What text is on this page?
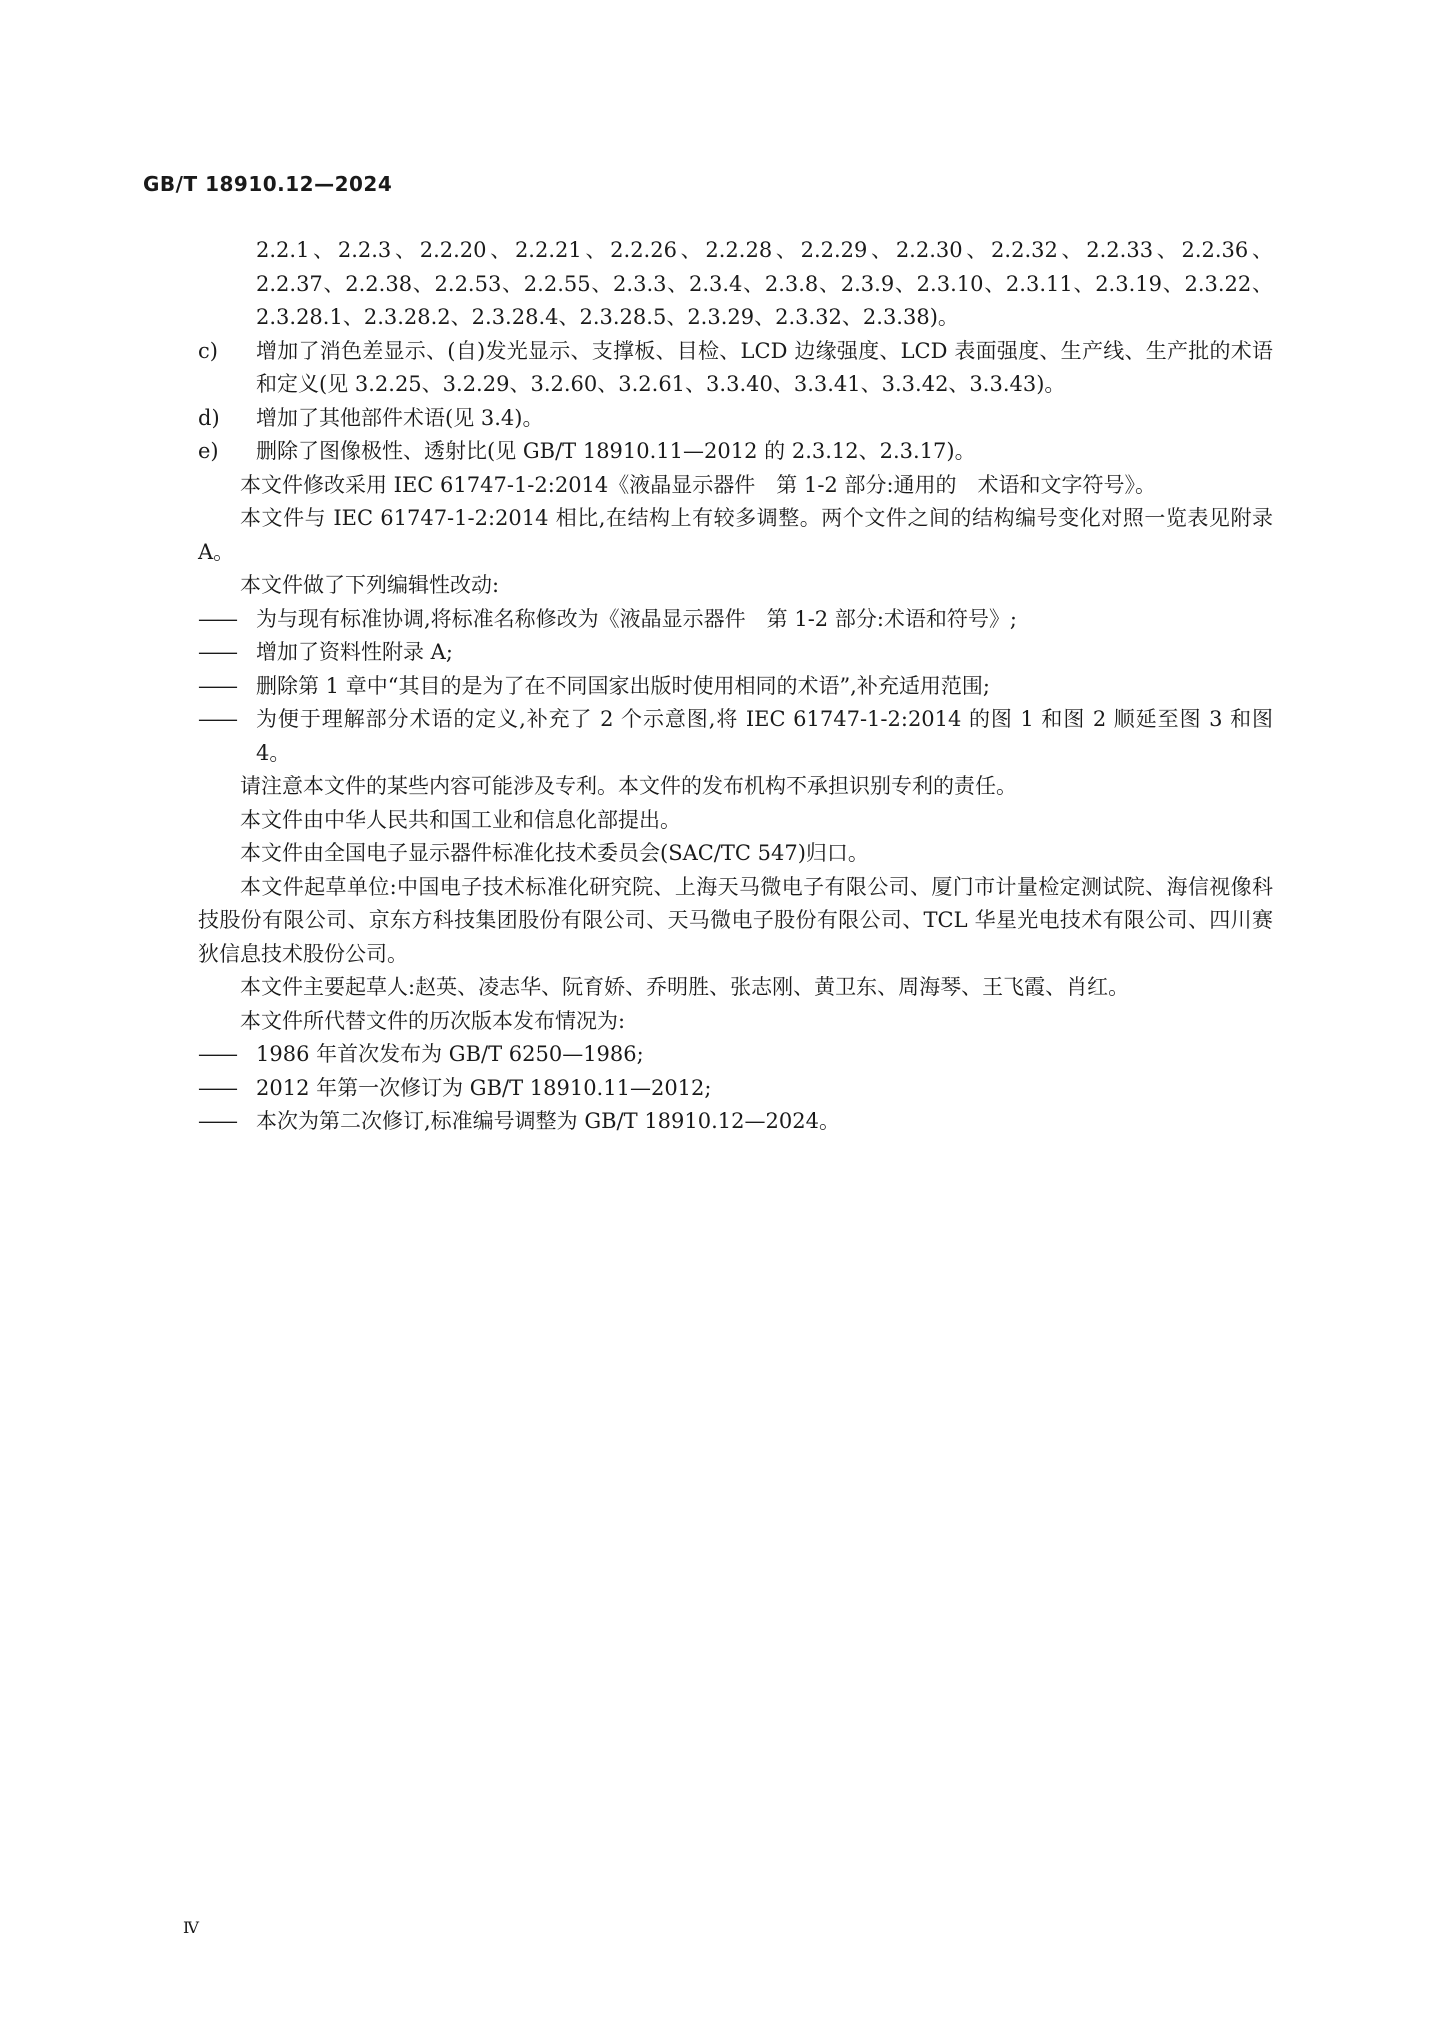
GB/T 18910.12—2024
2.2.1、2.2.3、2.2.20、2.2.21、2.2.26、2.2.28、2.2.29、2.2.30、2.2.32、2.2.33、2.2.36、2.2.37、2.2.38、2.2.53、2.2.55、2.3.3、2.3.4、2.3.8、2.3.9、2.3.10、2.3.11、2.3.19、2.3.22、2.3.28.1、2.3.28.2、2.3.28.4、2.3.28.5、2.3.29、2.3.32、2.3.38)。
c) 增加了消色差显示、(自)发光显示、支撑板、目检、LCD 边缘强度、LCD 表面强度、生产线、生产批的术语和定义(见 3.2.25、3.2.29、3.2.60、3.2.61、3.3.40、3.3.41、3.3.42、3.3.43)。
d) 增加了其他部件术语(见 3.4)。
e) 删除了图像极性、透射比(见 GB/T 18910.11—2012 的 2.3.12、2.3.17)。
本文件修改采用 IEC 61747-1-2:2014《液晶显示器件　第 1-2 部分:通用的　术语和文字符号》。
本文件与 IEC 61747-1-2:2014 相比,在结构上有较多调整。两个文件之间的结构编号变化对照一览表见附录 A。
本文件做了下列编辑性改动:
—— 为与现有标准协调,将标准名称修改为《液晶显示器件　第 1-2 部分:术语和符号》;
—— 增加了资料性附录 A;
—— 删除第 1 章中“其目的是为了在不同国家出版时使用相同的术语”,补充适用范围;
—— 为便于理解部分术语的定义,补充了 2 个示意图,将 IEC 61747-1-2:2014 的图 1 和图 2 顺延至图 3 和图 4。
请注意本文件的某些内容可能涉及专利。本文件的发布机构不承担识别专利的责任。
本文件由中华人民共和国工业和信息化部提出。
本文件由全国电子显示器件标准化技术委员会(SAC/TC 547)归口。
本文件起草单位:中国电子技术标准化研究院、上海天马微电子有限公司、厦门市计量检定测试院、海信视像科技股份有限公司、京东方科技集团股份有限公司、天马微电子股份有限公司、TCL 华星光电技术有限公司、四川赛狄信息技术股份公司。
本文件主要起草人:赵英、凌志华、阮育娇、乔明胜、张志刚、黄卫东、周海琴、王飞霞、肖红。
本文件所代替文件的历次版本发布情况为:
—— 1986 年首次发布为 GB/T 6250—1986;
—— 2012 年第一次修订为 GB/T 18910.11—2012;
—— 本次为第二次修订,标准编号调整为 GB/T 18910.12—2024。
Ⅳ
